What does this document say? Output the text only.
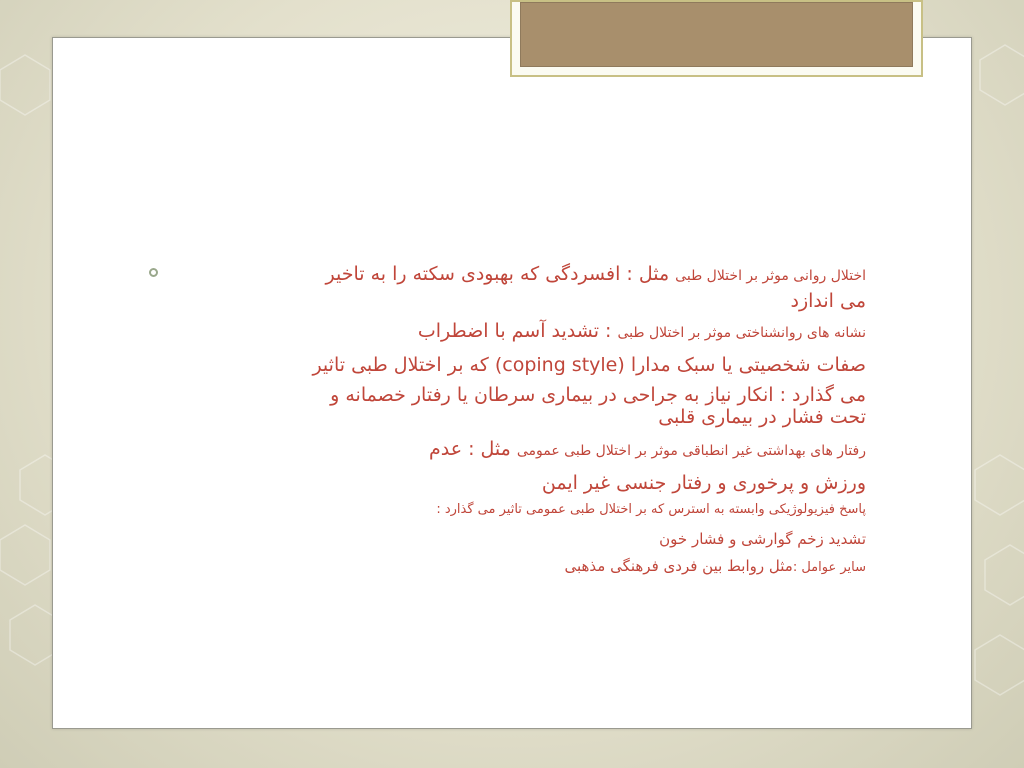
اختلال روانی موثر بر اختلال طبی مثل : افسردگی که بهبودی سکته را به تاخیر

می اندازد

نشانه های روانشناختی موثر بر اختلال طبی : تشدید آسم با اضطراب

صفات شخصیتی یا سبک مدارا (coping style) که بر اختلال طبی تاثیر

می گذارد : انکار نیاز به جراحی در بیماری سرطان یا رفتار خصمانه و

تحت فشار در بیماری قلبی

رفتار های بهداشتی غیر انطباقی موثر بر اختلال طبی عمومی مثل : عدم

ورزش و پرخوری و رفتار جنسی غیر ایمن

پاسخ فیزیولوژیکی وابسته به استرس که بر اختلال طبی عمومی تاثیر می گذارد :

تشدید زخم گوارشی و فشار خون

سایر عوامل :مثل روابط بین فردی فرهنگی مذهبی
